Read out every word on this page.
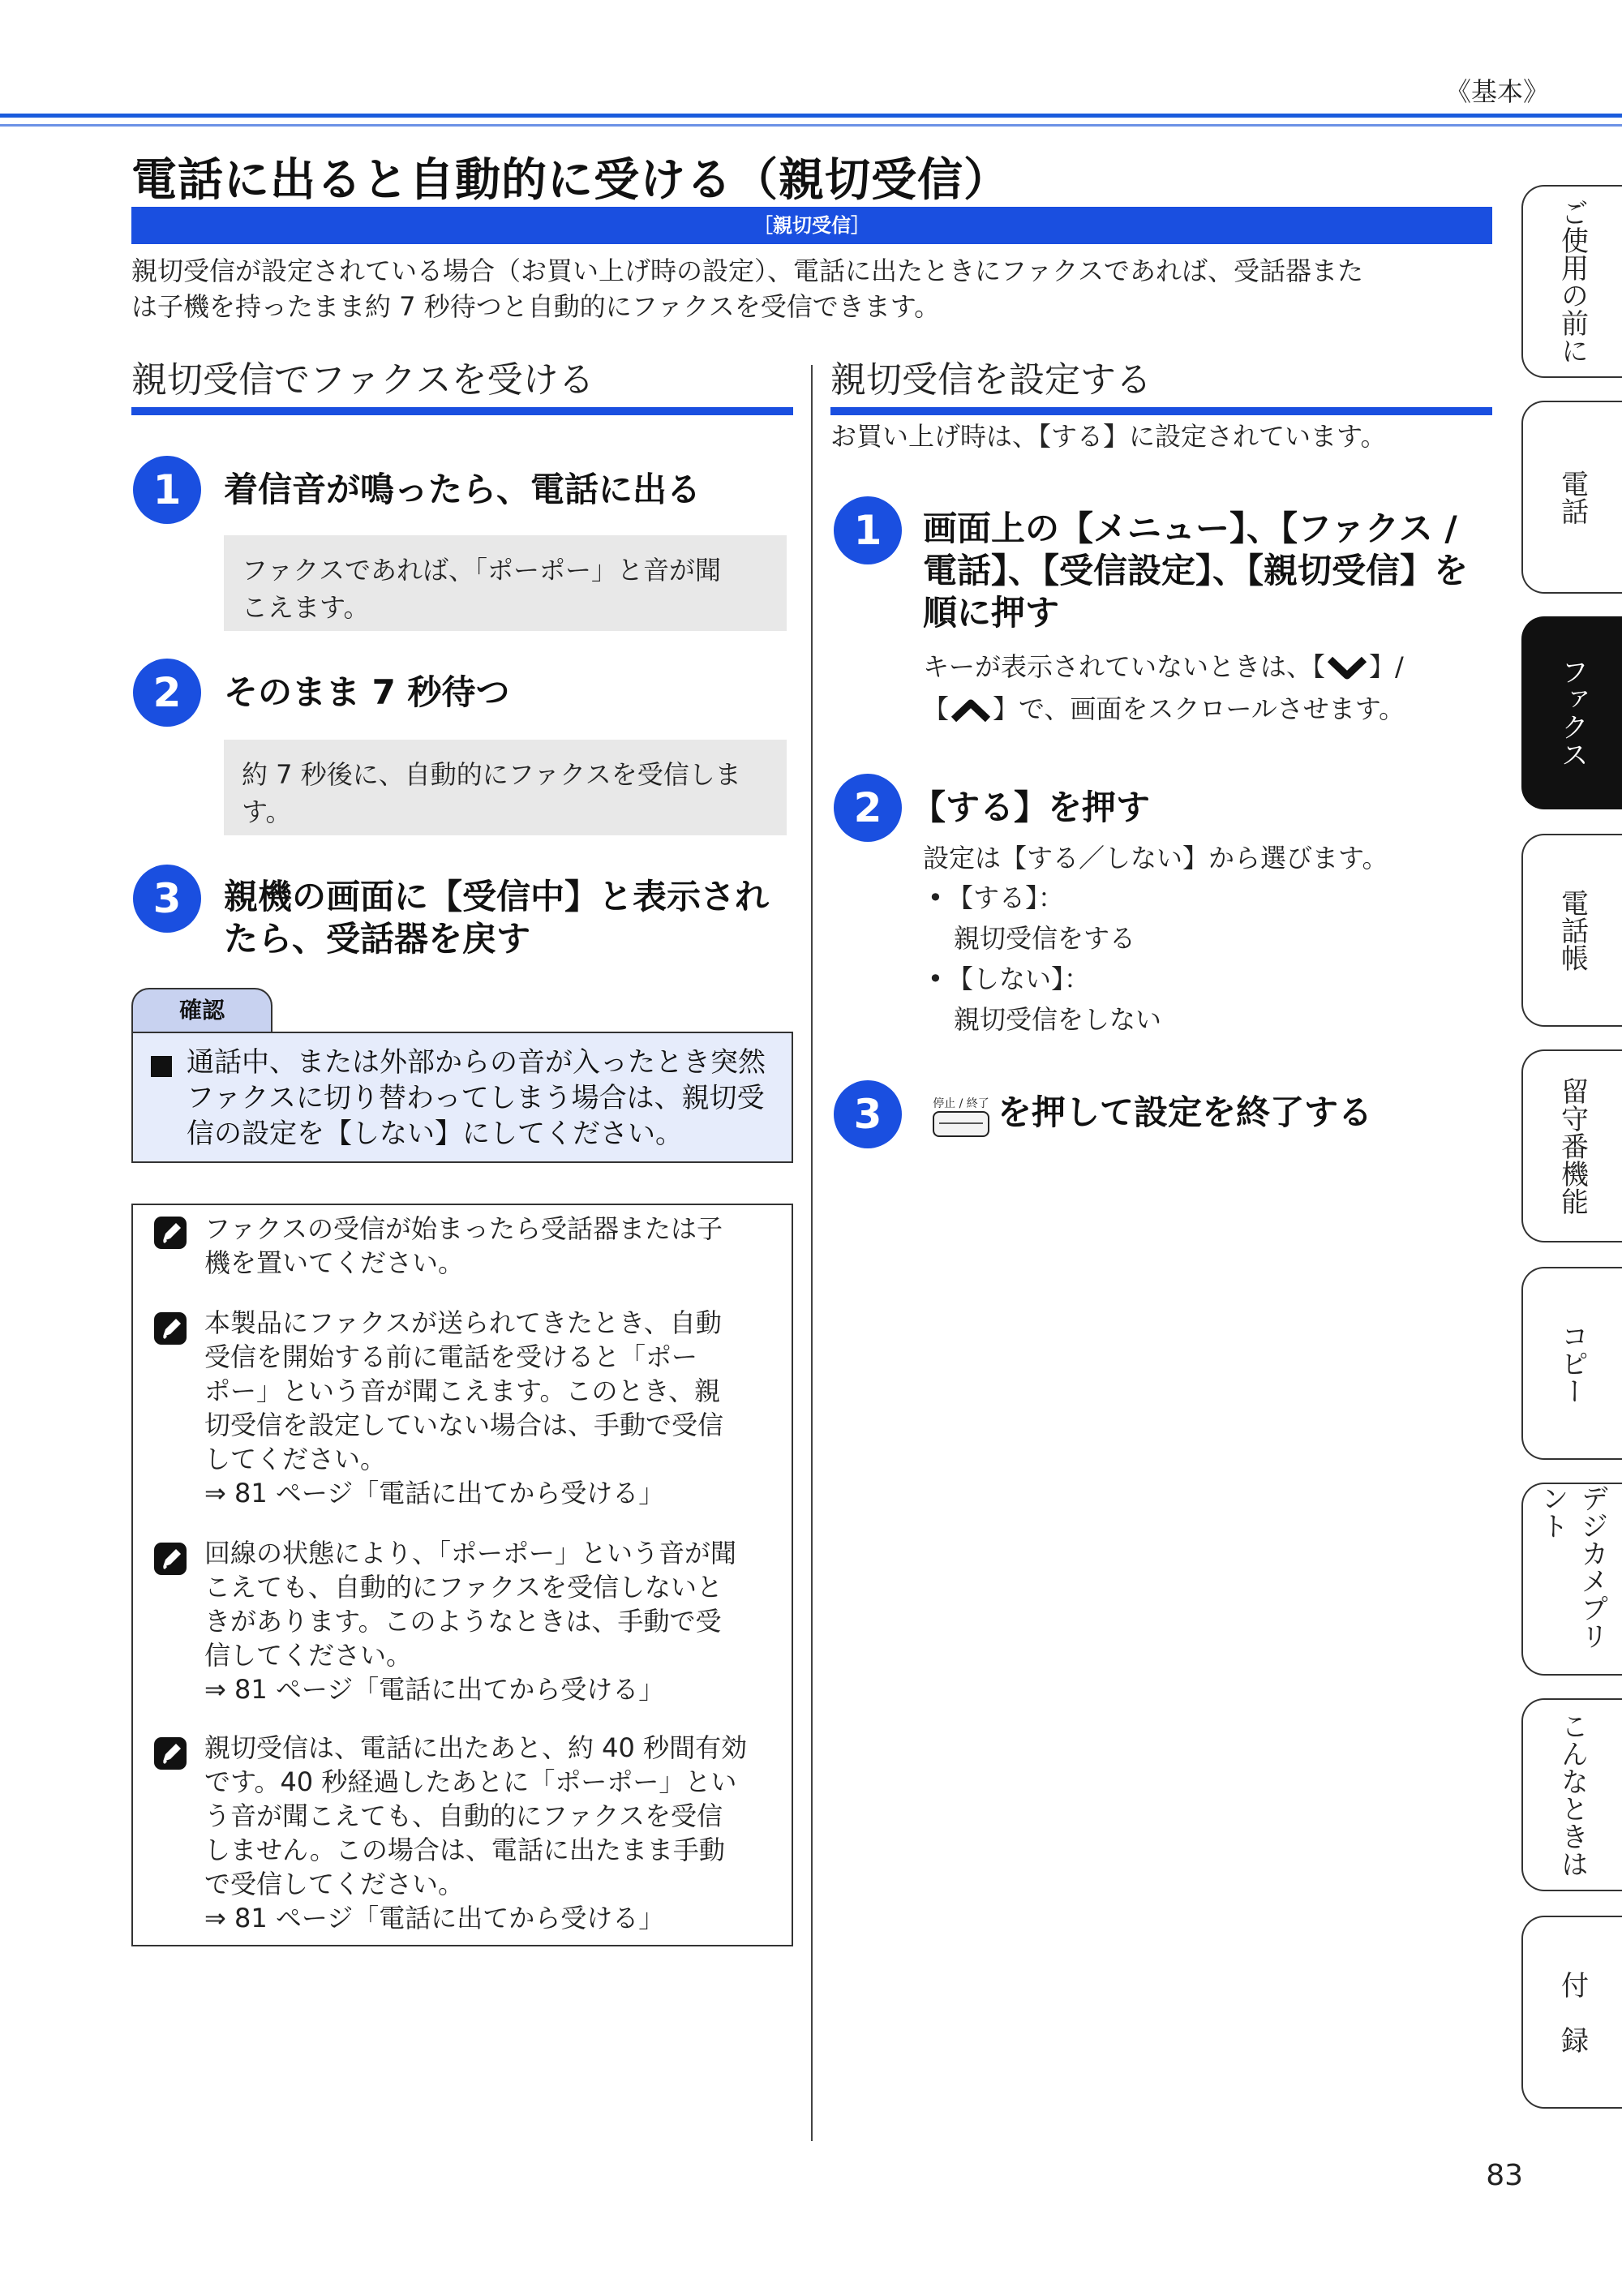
《基本》
電話に出ると自動的に受ける（親切受信）
［親切受信］
親切受信が設定されている場合（お買い上げ時の設定）、電話に出たときにファクスであれば、受話器また
は子機を持ったまま約 7 秒待つと自動的にファクスを受信できます。
親切受信でファクスを受ける
1	着信音が鳴ったら、電話に出る
ファクスであれば、「ポーポー」と音が聞
こえます。
2	そのまま 7 秒待つ
約 7 秒後に、自動的にファクスを受信しま
す。
3	親機の画面に【受信中】と表示され
たら、受話器を戻す
確認
通話中、または外部からの音が入ったとき突然
ファクスに切り替わってしまう場合は、親切受
信の設定を【しない】にしてください。
ファクスの受信が始まったら受話器または子
機を置いてください。
本製品にファクスが送られてきたとき、自動
受信を開始する前に電話を受けると「ポー
ポー」という音が聞こえます。このとき、親
切受信を設定していない場合は、手動で受信
してください。
⇒ 81 ページ「電話に出てから受ける」
回線の状態により、「ポーポー」という音が聞
こえても、自動的にファクスを受信しないと
きがあります。このようなときは、手動で受
信してください。
⇒ 81 ページ「電話に出てから受ける」
親切受信は、電話に出たあと、約 40 秒間有効
です。40 秒経過したあとに「ポーポー」とい
う音が聞こえても、自動的にファクスを受信
しません。この場合は、電話に出たまま手動
で受信してください。
⇒ 81 ページ「電話に出てから受ける」
親切受信を設定する
お買い上げ時は、【する】に設定されています。
1	画面上の【メニュー】、【ファクス /
電話】、【受信設定】、【親切受信】を
順に押す
キーが表示されていないときは、【 】/
【 】で、画面をスクロールさせます。
2 【する】を押す
設定は【する／しない】から選びます。
• 【する】：
親切受信をする
• 【しない】：
親切受信をしない
3	停止 / 終了 を押して設定を終了する
ご使用の前に
電話
ファクス
電話帳
留守番機能
コピー
デジカメプリント
こんなときは
付　録
83
